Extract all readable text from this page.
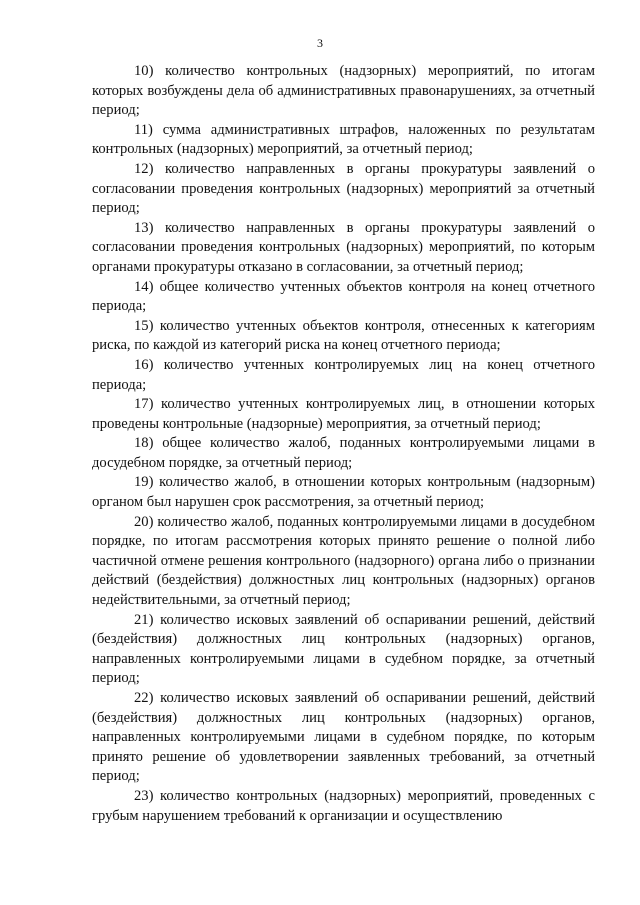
3

10) количество контрольных (надзорных) мероприятий, по итогам которых возбуждены дела об административных правонарушениях, за отчетный период;

11) сумма административных штрафов, наложенных по результатам контрольных (надзорных) мероприятий, за отчетный период;

12) количество направленных в органы прокуратуры заявлений о согласовании проведения контрольных (надзорных) мероприятий за отчетный период;

13) количество направленных в органы прокуратуры заявлений о согласовании проведения контрольных (надзорных) мероприятий, по которым органами прокуратуры отказано в согласовании, за отчетный период;

14) общее количество учтенных объектов контроля на конец отчетного периода;

15) количество учтенных объектов контроля, отнесенных к категориям риска, по каждой из категорий риска на конец отчетного периода;

16) количество учтенных контролируемых лиц на конец отчетного периода;

17) количество учтенных контролируемых лиц, в отношении которых проведены контрольные (надзорные) мероприятия, за отчетный период;

18) общее количество жалоб, поданных контролируемыми лицами в досудебном порядке, за отчетный период;

19) количество жалоб, в отношении которых контрольным (надзорным) органом был нарушен срок рассмотрения, за отчетный период;

20) количество жалоб, поданных контролируемыми лицами в досудебном порядке, по итогам рассмотрения которых принято решение о полной либо частичной отмене решения контрольного (надзорного) органа либо о признании действий (бездействия) должностных лиц контрольных (надзорных) органов недействительными, за отчетный период;

21) количество исковых заявлений об оспаривании решений, действий (бездействия) должностных лиц контрольных (надзорных) органов, направленных контролируемыми лицами в судебном порядке, за отчетный период;

22) количество исковых заявлений об оспаривании решений, действий (бездействия) должностных лиц контрольных (надзорных) органов, направленных контролируемыми лицами в судебном порядке, по которым принято решение об удовлетворении заявленных требований, за отчетный период;

23) количество контрольных (надзорных) мероприятий, проведенных с грубым нарушением требований к организации и осуществлению
